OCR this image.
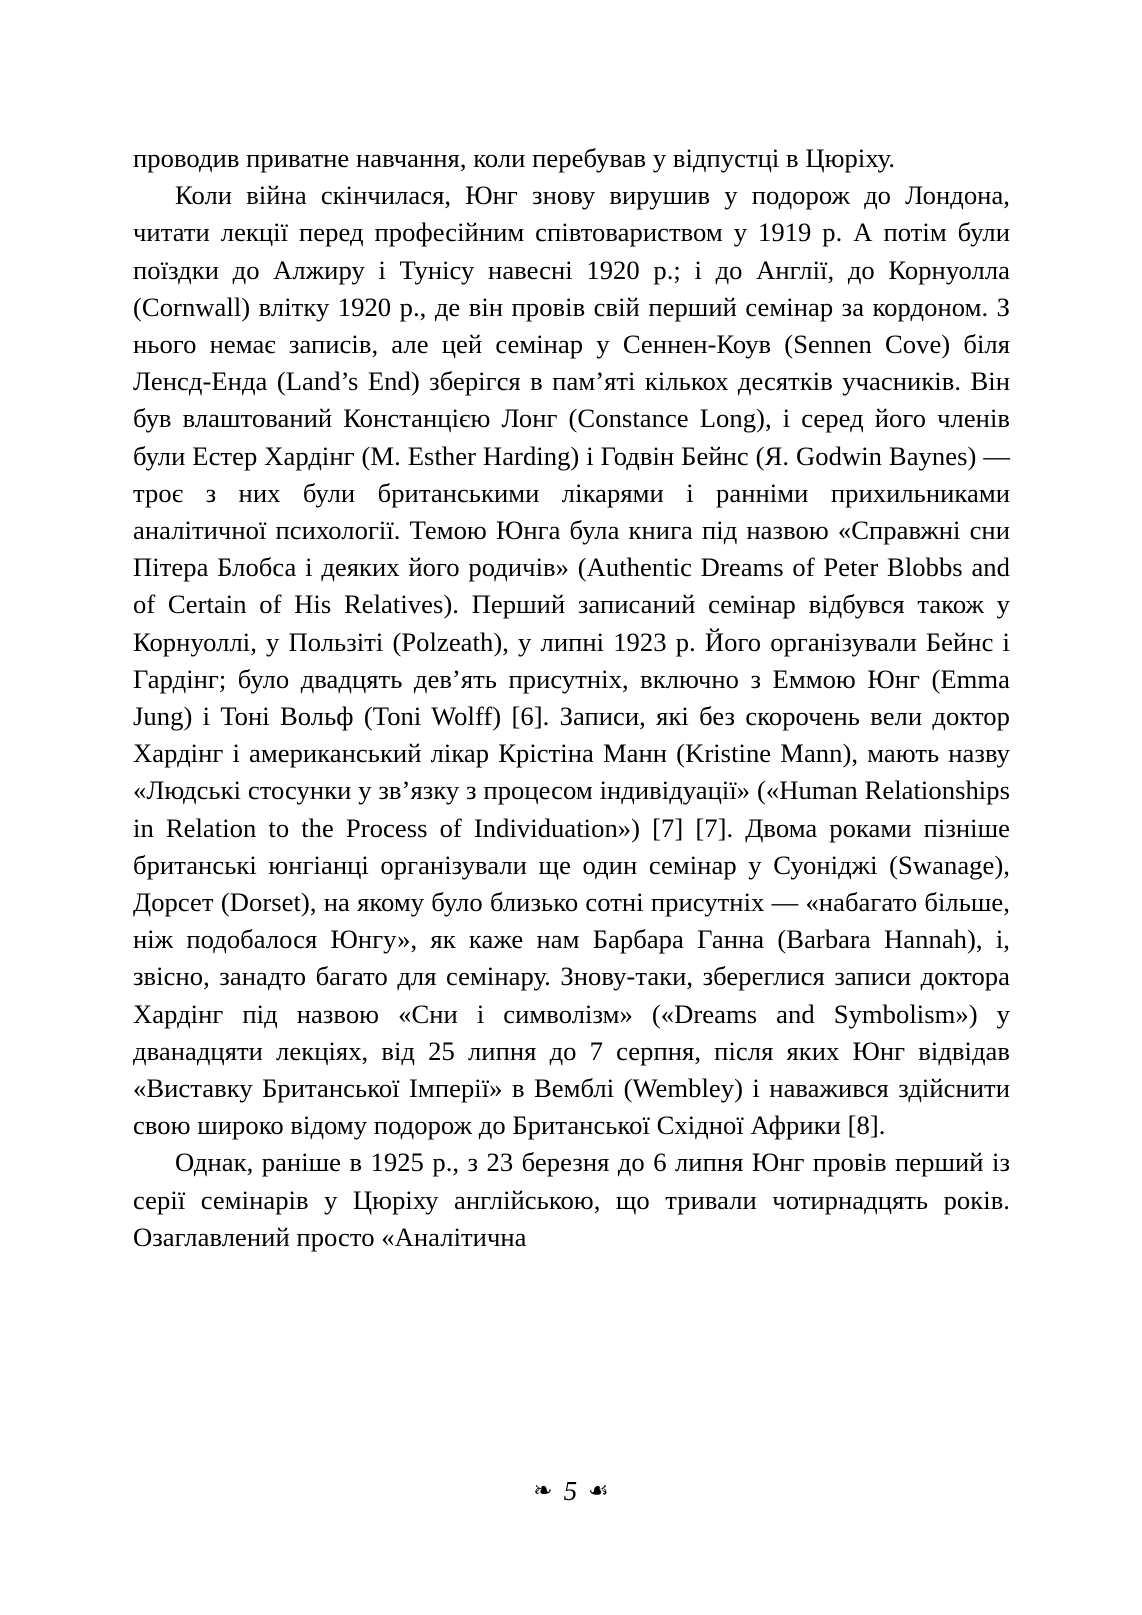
проводив приватне навчання, коли перебував у відпустці в Цюріху.

Коли війна скінчилася, Юнг знову вирушив у подорож до Лондона, читати лекції перед професійним співтовариством у 1919 р. А потім були поїздки до Алжиру і Тунісу навесні 1920 р.; і до Англії, до Корнуолла (Cornwall) влітку 1920 р., де він провів свій перший семінар за кордоном. З нього немає записів, але цей семінар у Сеннен-Коув (Sennen Cove) біля Ленсд-Енда (Land’s End) зберігся в пам’яті кількох десятків учасників. Він був влаштований Констанцією Лонг (Constance Long), і серед його членів були Естер Хардінг (M. Esther Harding) і Годвін Бейнс (Я. Godwin Baynes) — троє з них були британськими лікарями і ранніми прихильниками аналітичної психології. Темою Юнга була книга під назвою «Справжні сни Пітера Блобса і деяких його родичів» (Authentic Dreams of Peter Blobbs and of Certain of His Relatives). Перший записаний семінар відбувся також у Корнуоллі, у Пользіті (Polzeath), у липні 1923 р. Його організували Бейнс і Гардінг; було двадцять дев’ять присутніх, включно з Еммою Юнг (Emma Jung) і Тоні Вольф (Toni Wolff) [6]. Записи, які без скорочень вели доктор Хардінг і американський лікар Крістіна Манн (Kristine Mann), мають назву «Людські стосунки у зв’язку з процесом індивідуації» («Human Relationships in Relation to the Process of Individuation») [7] [7]. Двома роками пізніше британські юнгіанці організували ще один семінар у Суоніджі (Swanage), Дорсет (Dorset), на якому було близько сотні присутніх — «набагато більше, ніж подобалося Юнгу», як каже нам Барбара Ганна (Barbara Hannah), і, звісно, занадто багато для семінару. Знову-таки, збереглися записи доктора Хардінг під назвою «Сни і символізм» («Dreams and Symbolism») у дванадцяти лекціях, від 25 липня до 7 серпня, після яких Юнг відвідав «Виставку Британської Імперії» в Вемблі (Wembley) і наважився здійснити свою широко відому подорож до Британської Східної Африки [8].

Однак, раніше в 1925 р., з 23 березня до 6 липня Юнг провів перший із серії семінарів у Цюріху англійською, що тривали чотирнадцять років. Озаглавлений просто «Аналітична

❧ 5 ☙
